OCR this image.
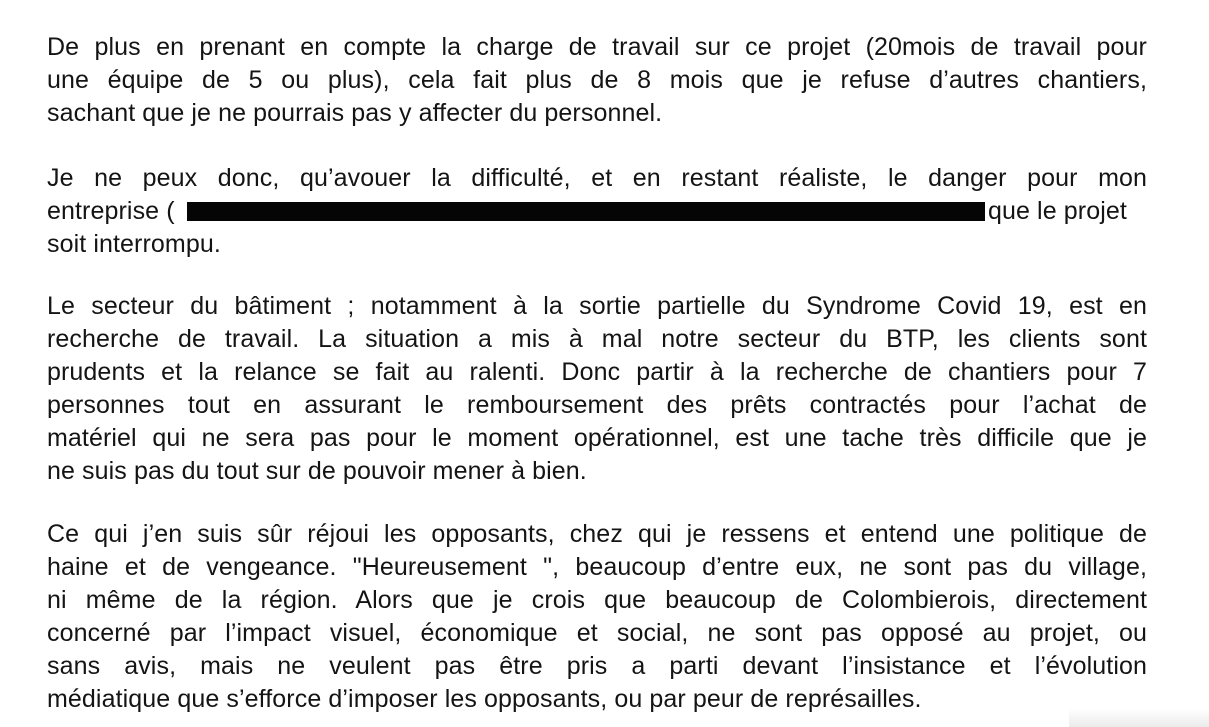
De plus en prenant en compte la charge de travail sur ce projet (20mois de travail pour
une équipe de 5 ou plus), cela fait plus de 8 mois que je refuse d’autres chantiers,
sachant que je ne pourrais pas y affecter du personnel.
Je ne peux donc, qu’avouer la difficulté, et en restant réaliste, le danger pour mon
entreprise (	que le projet
soit interrompu.
Le secteur du bâtiment ; notamment à la sortie partielle du Syndrome Covid 19, est en
recherche de travail. La situation a mis à mal notre secteur du BTP, les clients sont
prudents et la relance se fait au ralenti. Donc partir à la recherche de chantiers pour 7
personnes tout en assurant le remboursement des prêts contractés pour l’achat de
matériel qui ne sera pas pour le moment opérationnel, est une tache très difficile que je
ne suis pas du tout sur de pouvoir mener à bien.
Ce qui j’en suis sûr réjoui les opposants, chez qui je ressens et entend une politique de
haine et de vengeance. "Heureusement ", beaucoup d’entre eux, ne sont pas du village,
ni même de la région. Alors que je crois que beaucoup de Colombierois, directement
concerné par l’impact visuel, économique et social, ne sont pas opposé au projet, ou
sans avis, mais ne veulent pas être pris a parti devant l’insistance et l’évolution
médiatique que s’efforce d’imposer les opposants, ou par peur de représailles.
